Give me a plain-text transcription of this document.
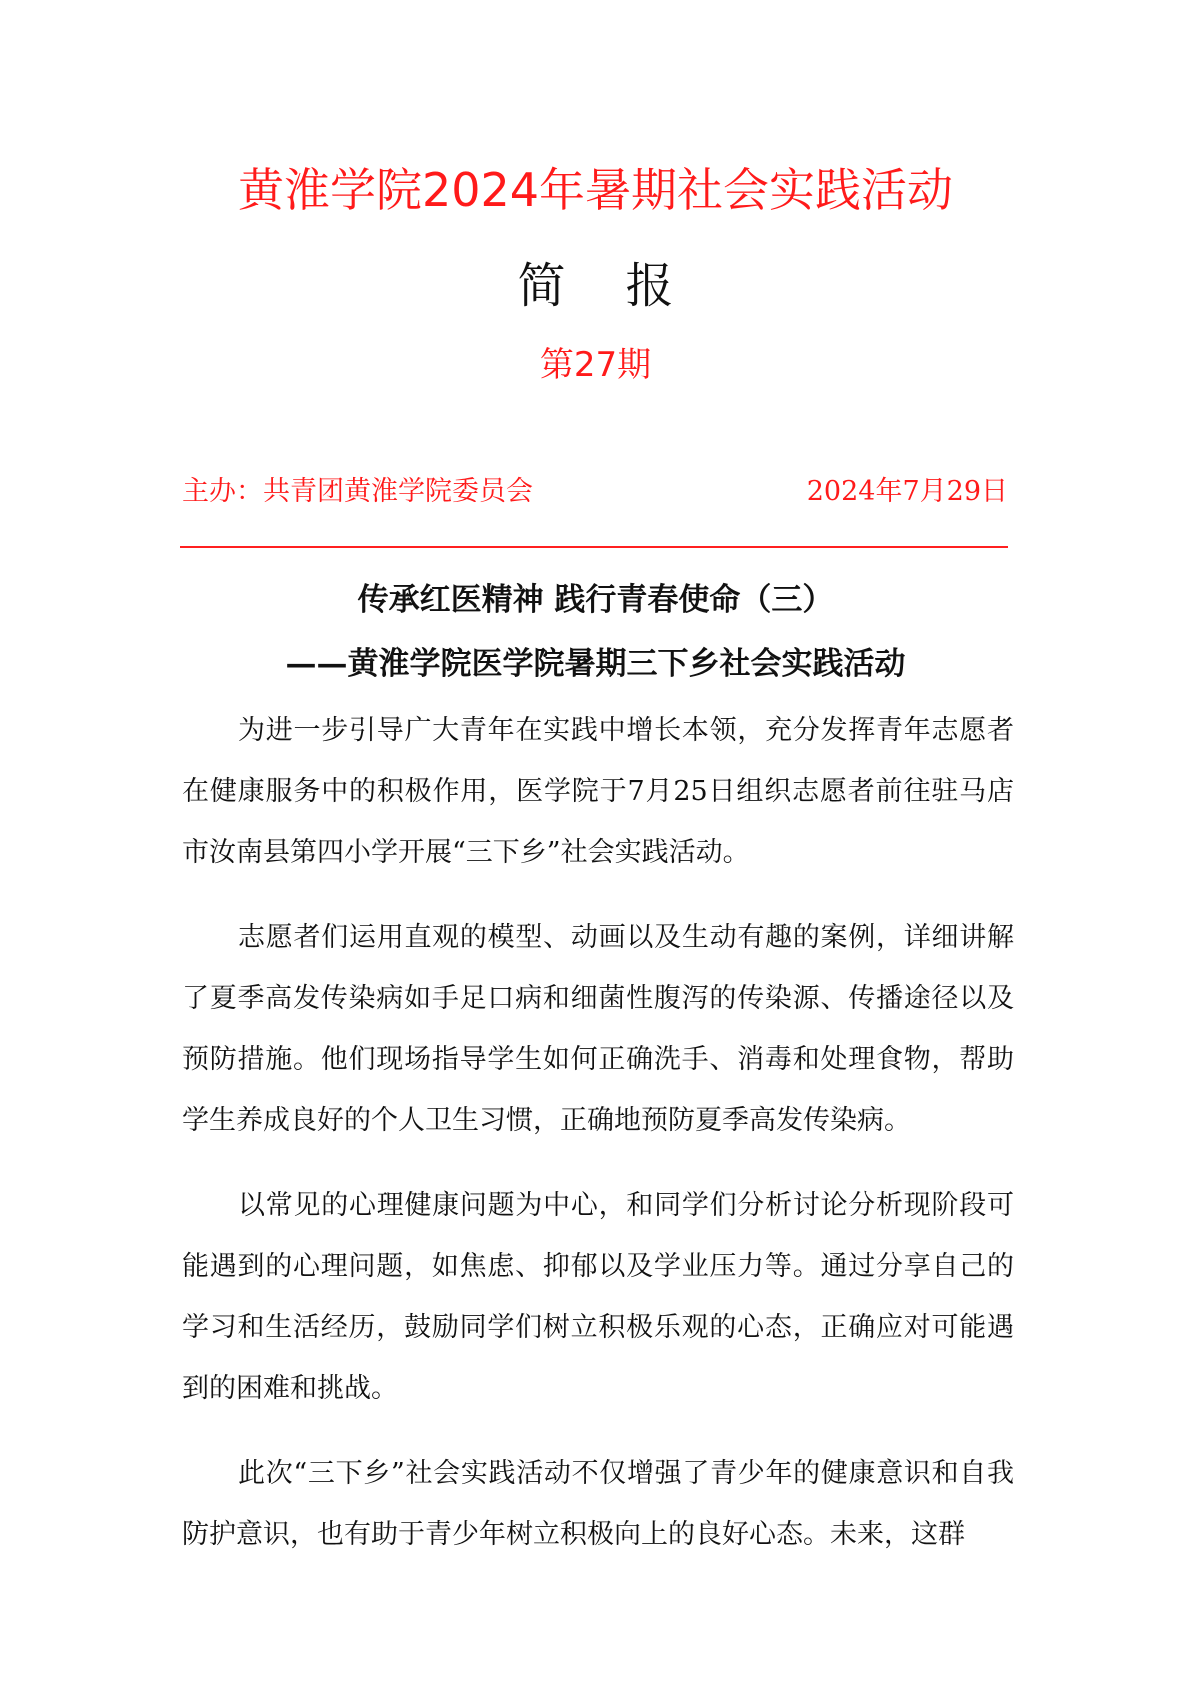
黄淮学院2024年暑期社会实践活动
简报
第27期
主办：共青团黄淮学院委员会	2024年7月29日
传承红医精神 践行青春使命（三）
——黄淮学院医学院暑期三下乡社会实践活动

为进一步引导广大青年在实践中增长本领，充分发挥青年志愿者在健康服务中的积极作用，医学院于7月25日组织志愿者前往驻马店市汝南县第四小学开展“三下乡”社会实践活动。

志愿者们运用直观的模型、动画以及生动有趣的案例，详细讲解了夏季高发传染病如手足口病和细菌性腹泻的传染源、传播途径以及预防措施。他们现场指导学生如何正确洗手、消毒和处理食物，帮助学生养成良好的个人卫生习惯，正确地预防夏季高发传染病。

以常见的心理健康问题为中心，和同学们分析讨论分析现阶段可能遇到的心理问题，如焦虑、抑郁以及学业压力等。通过分享自己的学习和生活经历，鼓励同学们树立积极乐观的心态，正确应对可能遇到的困难和挑战。

此次“三下乡”社会实践活动不仅增强了青少年的健康意识和自我防护意识，也有助于青少年树立积极向上的良好心态。未来，这群
